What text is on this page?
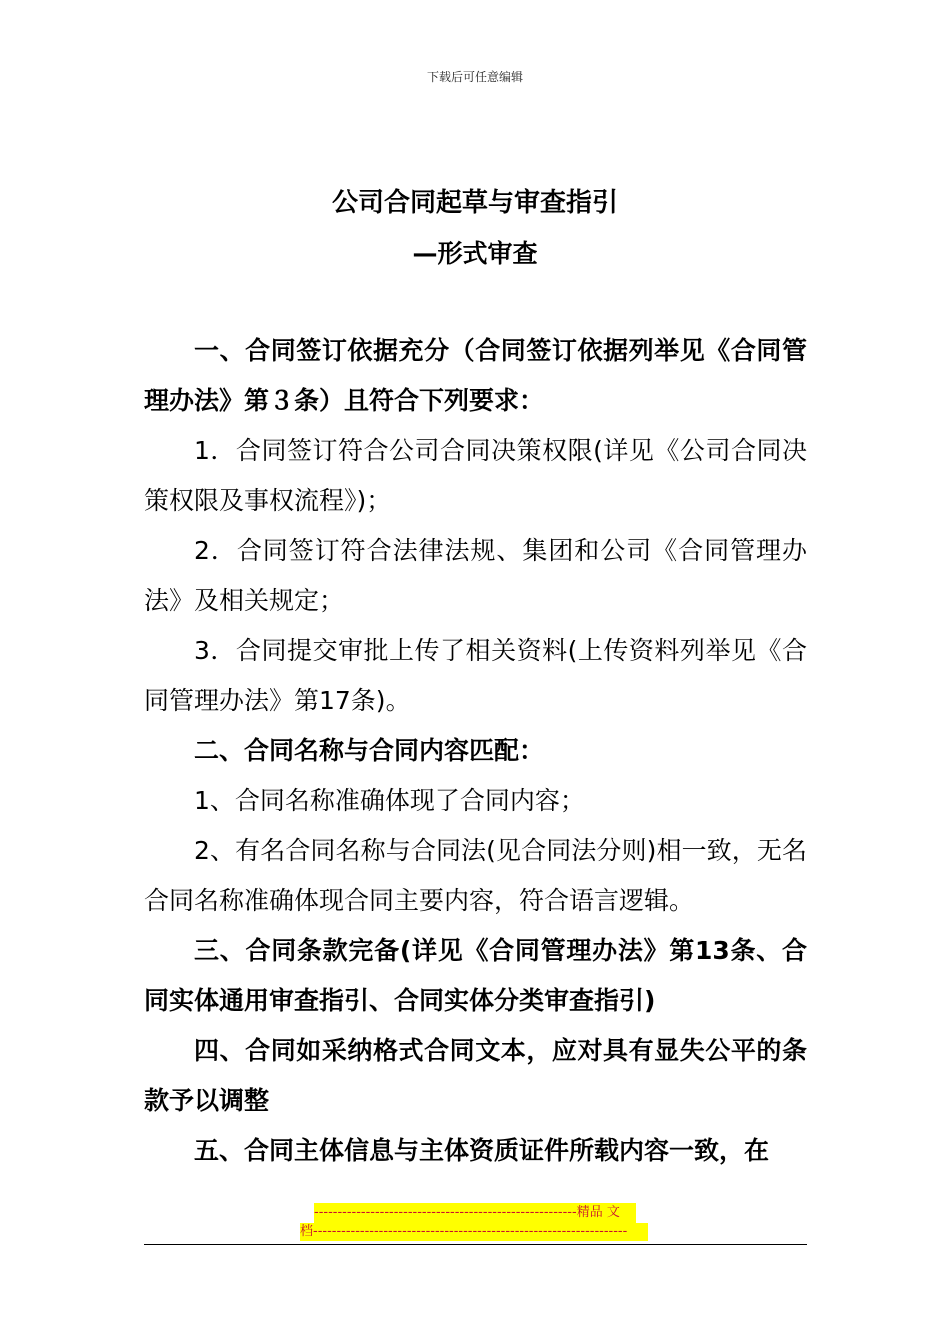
下载后可任意编辑
公司合同起草与审查指引
—形式审查

一、合同签订依据充分（合同签订依据列举见《合同管理办法》第３条）且符合下列要求：

1．合同签订符合公司合同决策权限(详见《公司合同决策权限及事权流程》)；

2．合同签订符合法律法规、集团和公司《合同管理办法》及相关规定；

3．合同提交审批上传了相关资料(上传资料列举见《合同管理办法》第17条)。

二、合同名称与合同内容匹配：

1、合同名称准确体现了合同内容；

2、有名合同名称与合同法(见合同法分则)相一致，无名合同名称准确体现合同主要内容，符合语言逻辑。

三、合同条款完备(详见《合同管理办法》第13条、合同实体通用审查指引、合同实体分类审查指引)

四、合同如采纳格式合同文本，应对具有显失公平的条款予以调整

五、合同主体信息与主体资质证件所载内容一致，在

--------------------------------------------------------精品 文
档-------------------------------------------------------------------
